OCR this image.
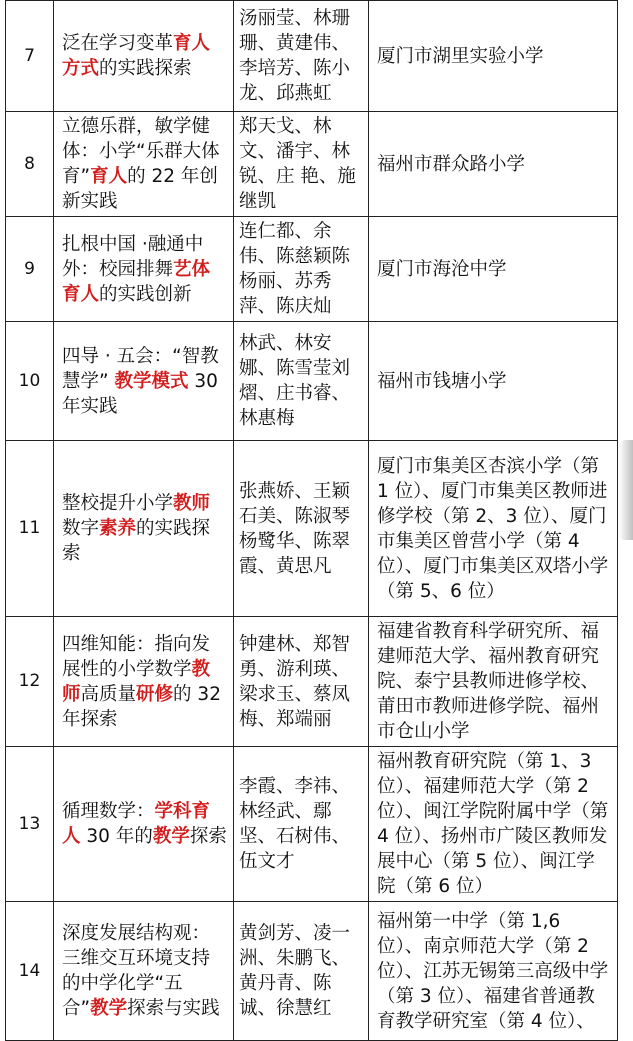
7	泛在学习变革育人方式的实践探索	汤丽莹、林珊珊、黄建伟、李培芳、陈小龙、邱燕虹	厦门市湖里实验小学
8	立德乐群，敏学健体：小学“乐群大体育”育人的 22 年创新实践	郑天戈、林文、潘宇、林锐、庄 艳、施继凯	福州市群众路小学
9	扎根中国 ·融通中外：校园排舞艺体育人的实践创新	连仁都、余伟、陈慈颖陈杨丽、苏秀萍、陈庆灿	厦门市海沧中学
10	四导 · 五会：“智教慧学” 教学模式 30 年实践	林武、林安娜、陈雪莹刘熠、庄书睿、林惠梅	福州市钱塘小学
11	整校提升小学教师数字素养的实践探索	张燕娇、王颖石美、陈淑琴杨鹭华、陈翠霞、黄思凡	厦门市集美区杏滨小学（第 1 位）、厦门市集美区教师进修学校（第 2、3 位）、厦门市集美区曾营小学（第 4 位）、厦门市集美区双塔小学（第 5、6 位）
12	四维知能：指向发展性的小学数学教师高质量研修的 32 年探索	钟建林、郑智勇、游利瑛、梁求玉、蔡凤梅、郑端丽	福建省教育科学研究所、福建师范大学、福州教育研究院、泰宁县教师进修学校、莆田市教师进修学院、福州市仓山小学
13	循理数学：学科育人 30 年的教学探索	李霞、李祎、林经武、鄢坚、石树伟、伍文才	福州教育研究院（第 1、3 位）、福建师范大学（第 2 位）、闽江学院附属中学（第 4 位）、扬州市广陵区教师发展中心（第 5 位）、闽江学院（第 6 位）
14	深度发展结构观：三维交互环境支持的中学化学“五合”教学探索与实践	黄剑芳、凌一洲、朱鹏飞、黄丹青、陈诚、徐慧红	福州第一中学（第 1,6 位）、南京师范大学（第 2 位）、江苏无锡第三高级中学（第 3 位）、福建省普通教育教学研究室（第 4 位）、
